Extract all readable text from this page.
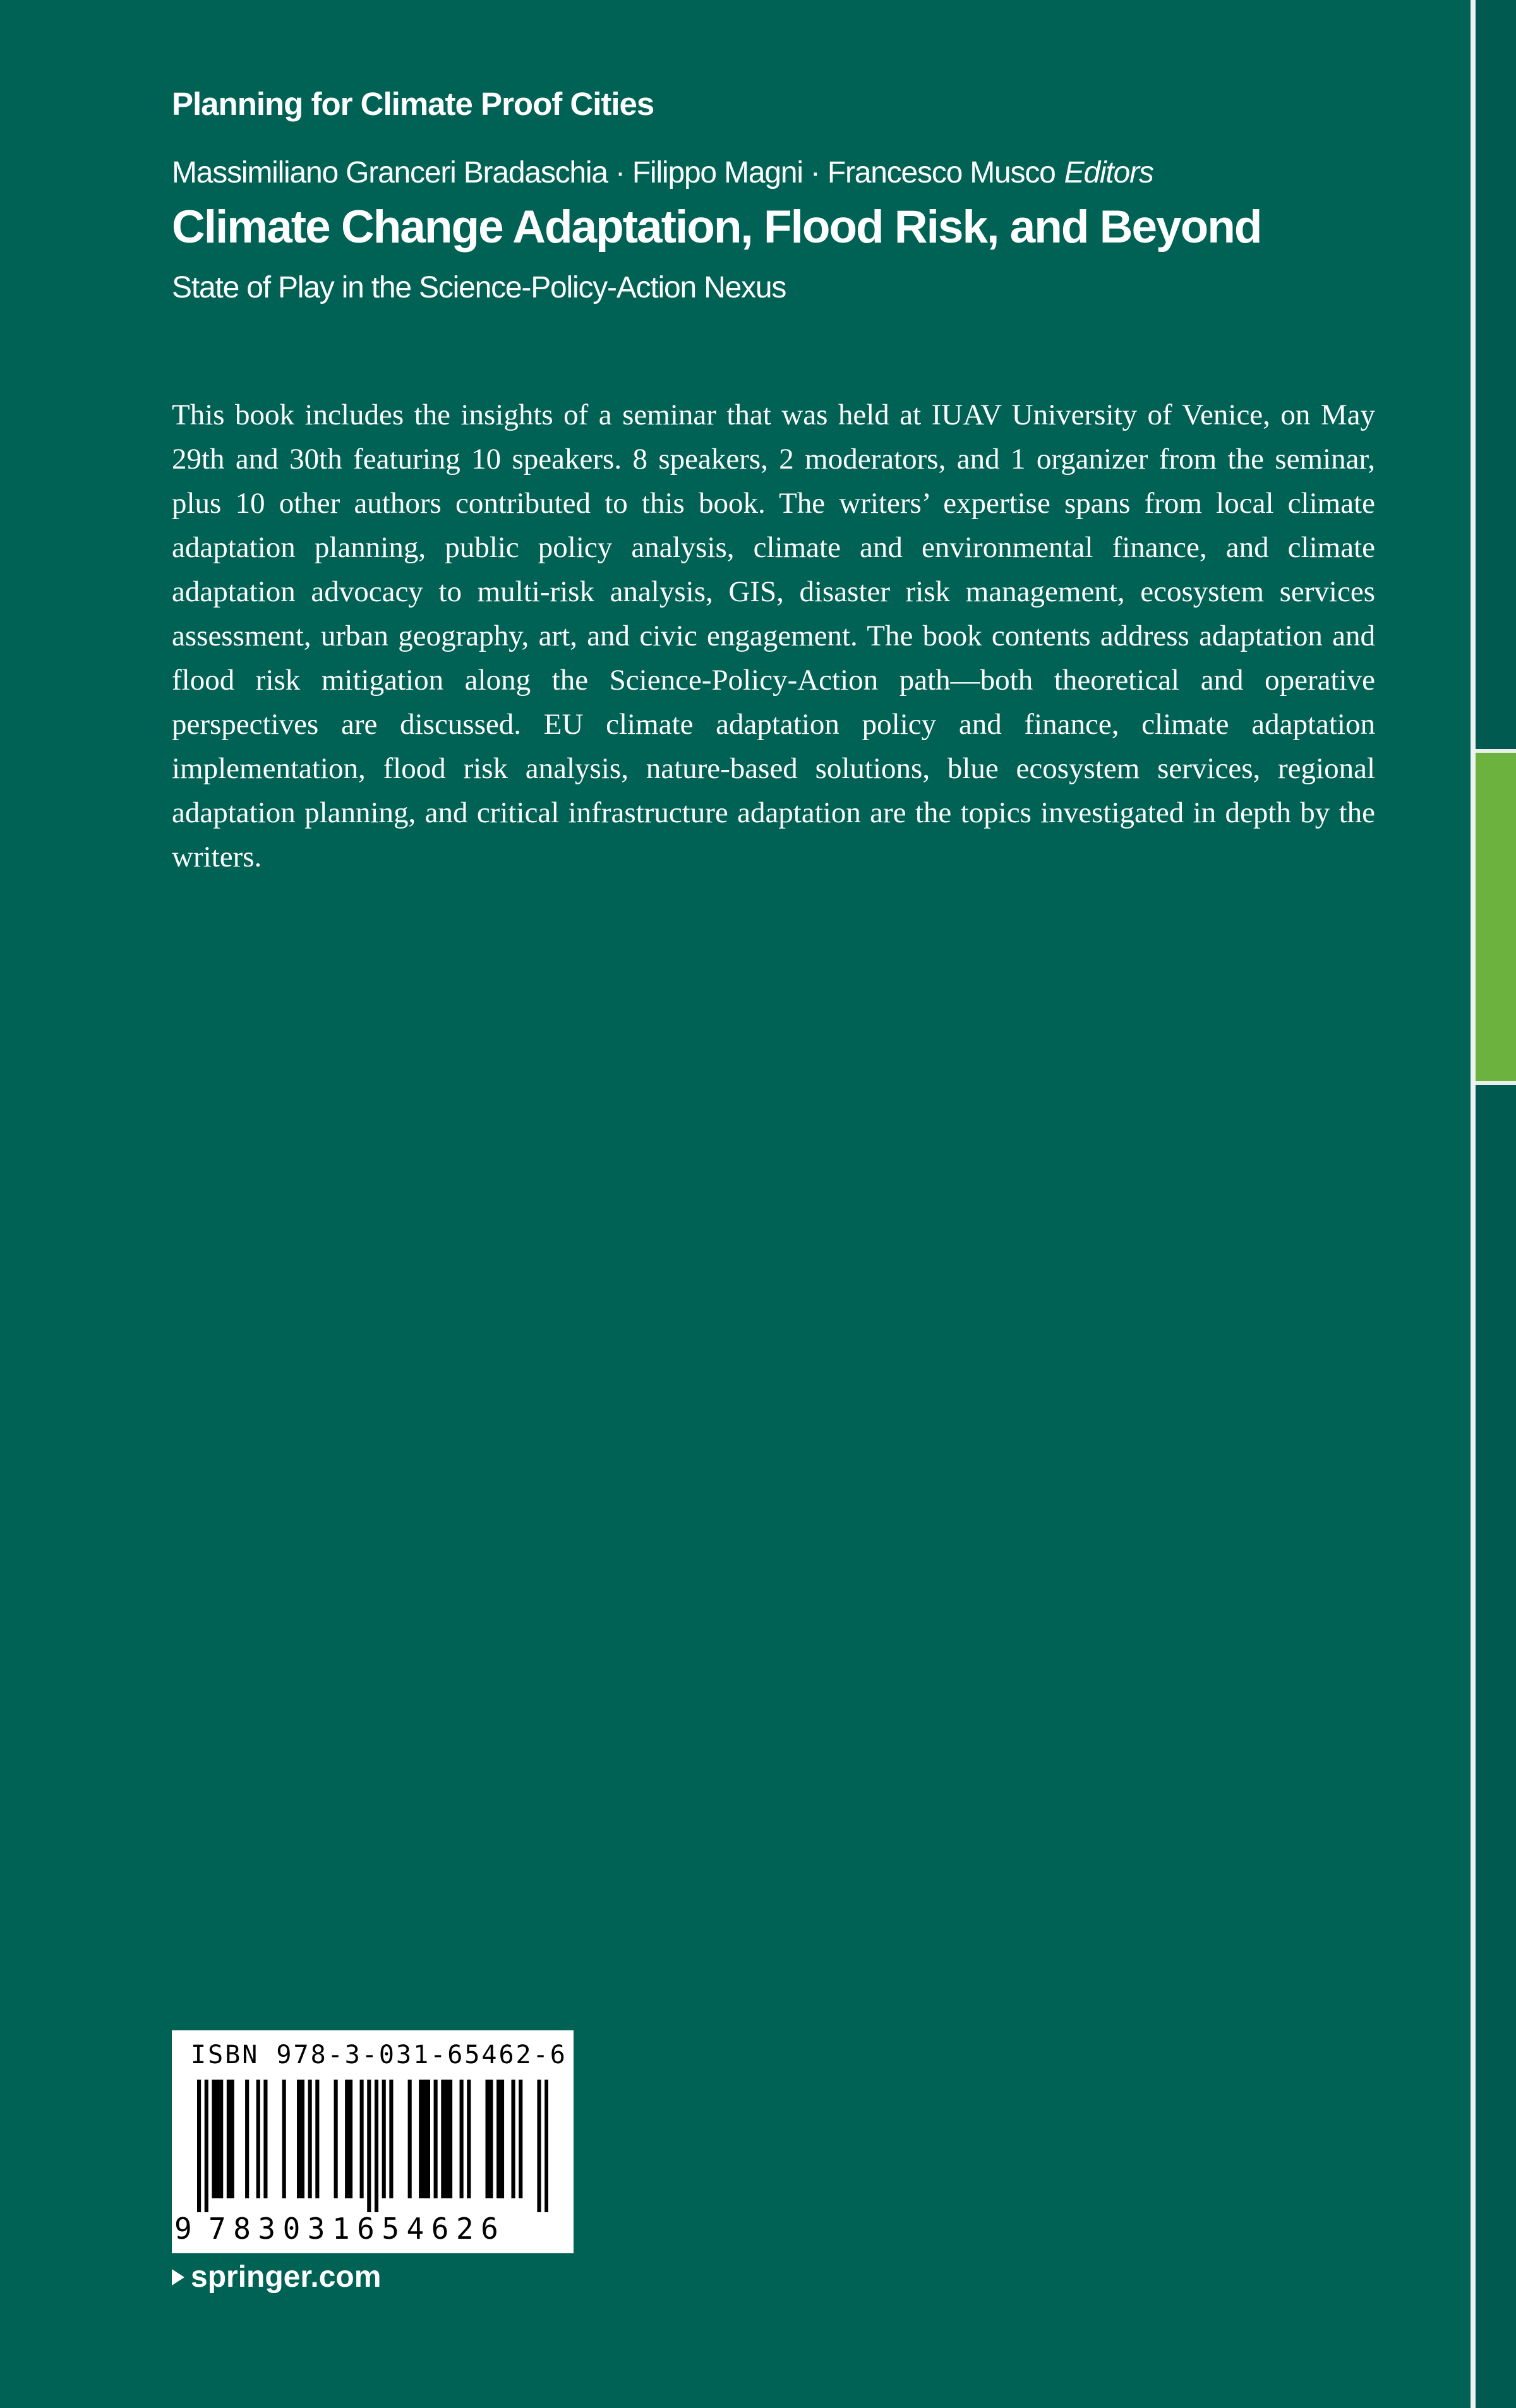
Planning for Climate Proof Cities
Massimiliano Granceri Bradaschia · Filippo Magni · Francesco Musco Editors
Climate Change Adaptation, Flood Risk, and Beyond
State of Play in the Science-Policy-Action Nexus
This book includes the insights of a seminar that was held at IUAV University of Venice, on May 29th and 30th featuring 10 speakers. 8 speakers, 2 moderators, and 1 organizer from the seminar, plus 10 other authors contributed to this book. The writers’ expertise spans from local climate adaptation planning, public policy analysis, climate and environmental finance, and climate adaptation advocacy to multi-risk analysis, GIS, disaster risk management, ecosystem services assessment, urban geography, art, and civic engagement. The book contents address adaptation and flood risk mitigation along the Science-Policy-Action path—both theoretical and operative perspectives are discussed. EU climate adaptation policy and finance, climate adaptation implementation, flood risk analysis, nature-based solutions, blue ecosystem services, regional adaptation planning, and critical infrastructure adaptation are the topics investigated in depth by the writers.
ISBN 978-3-031-65462-6
9 783031654626
springer.com
